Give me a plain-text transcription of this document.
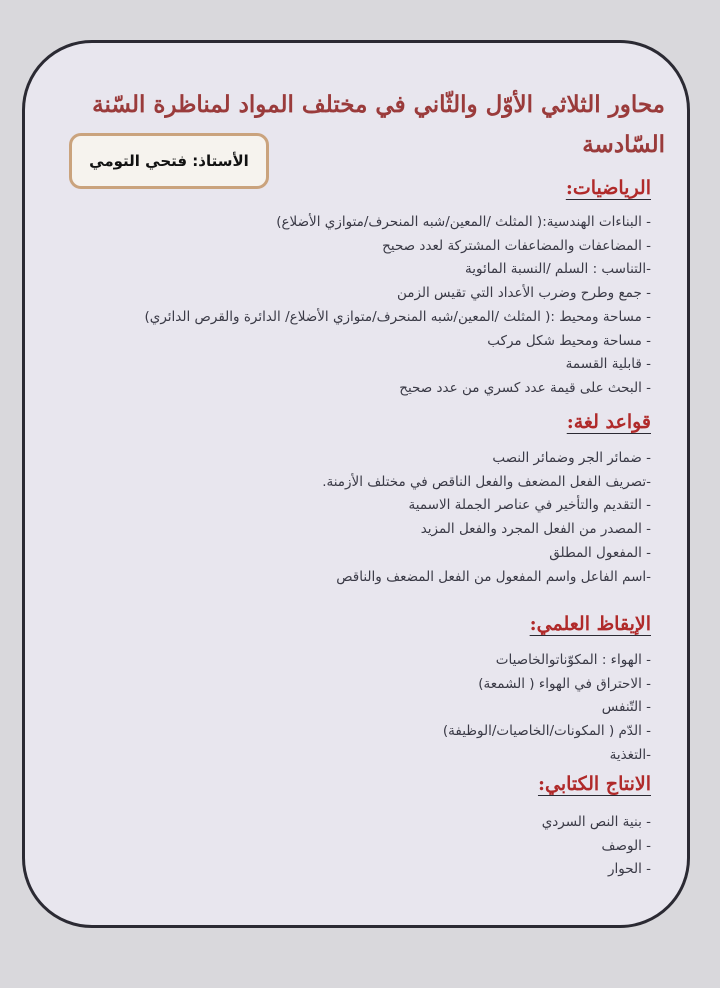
محاور الثلاثي الأوّل والثّاني في مختلف المواد لمناظرة السّنة السّادسة
الأستاذ: فتحي التومي
الرياضيات:
- البناءات الهندسية:( المثلث /المعين/شبه المنحرف/متوازي الأضلاع)
- المضاعفات والمضاعفات المشتركة لعدد صحيح
-التناسب : السلم /النسبة المائوية
- جمع وطرح وضرب الأعداد التي تقيس الزمن
- مساحة ومحيط :( المثلث /المعين/شبه المنحرف/متوازي الأضلاع/ الدائرة والقرص الدائري)
- مساحة ومحيط شكل مركب
- قابلية القسمة
- البحث على قيمة عدد كسري من عدد صحيح
قواعد لغة:
- ضمائر الجر وضمائر النصب
-تصريف الفعل المضعف والفعل الناقص في مختلف الأزمنة.
- التقديم والتأخير في عناصر الجملة الاسمية
- المصدر من الفعل المجرد والفعل المزيد
- المفعول المطلق
-اسم الفاعل واسم المفعول من الفعل المضعف والناقص
الإيقاظ العلمي:
- الهواء : المكوّناتوالخاصيات
- الاحتراق في الهواء ( الشمعة)
- التّنفس
- الدّم ( المكونات/الخاصيات/الوظيفة)
-التغذية
الانتاج الكتابي:
- بنية النص السردي
- الوصف
- الحوار
